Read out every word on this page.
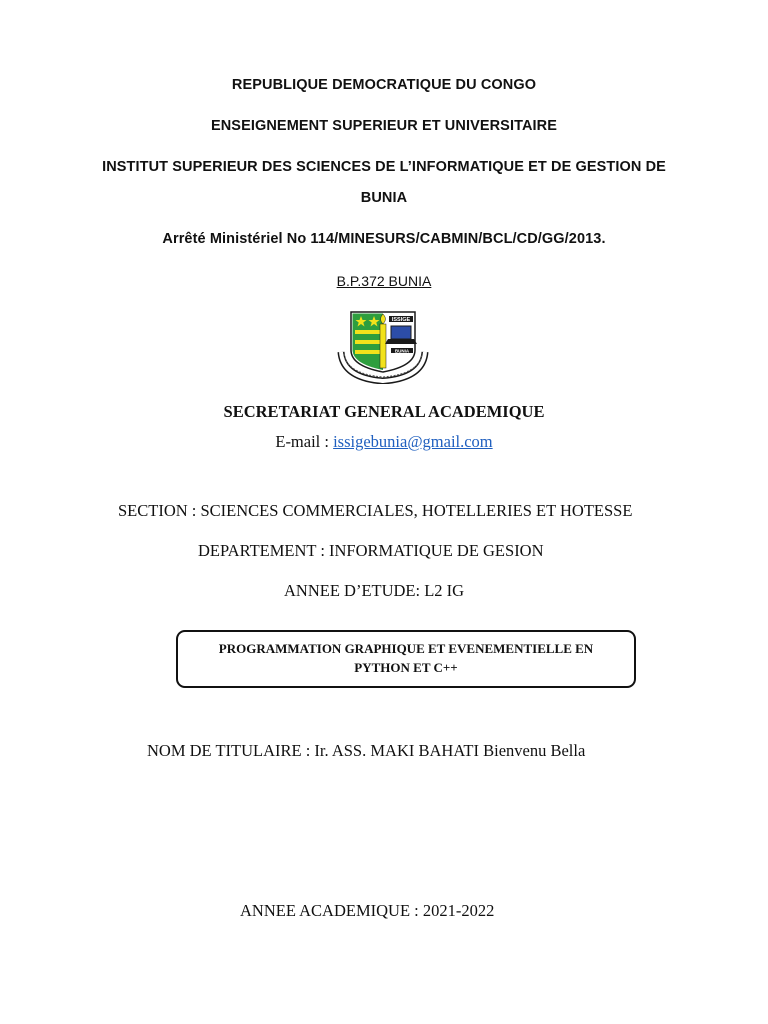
REPUBLIQUE DEMOCRATIQUE DU CONGO
ENSEIGNEMENT SUPERIEUR ET UNIVERSITAIRE
INSTITUT SUPERIEUR DES SCIENCES DE L’INFORMATIQUE ET DE GESTION DE
BUNIA
Arrêté Ministériel No 114/MINESURS/CABMIN/BCL/CD/GG/2013.
B.P.372 BUNIA
ISSIGE
BUNIA
SECRETARIAT GENERAL ACADEMIQUE
E-mail : issigebunia@gmail.com
SECTION : SCIENCES COMMERCIALES, HOTELLERIES ET HOTESSE
DEPARTEMENT : INFORMATIQUE DE GESION
ANNEE D’ETUDE: L2 IG
PROGRAMMATION GRAPHIQUE ET EVENEMENTIELLE EN
PYTHON ET C++
NOM DE TITULAIRE : Ir. ASS. MAKI BAHATI Bienvenu Bella
ANNEE ACADEMIQUE : 2021-2022
